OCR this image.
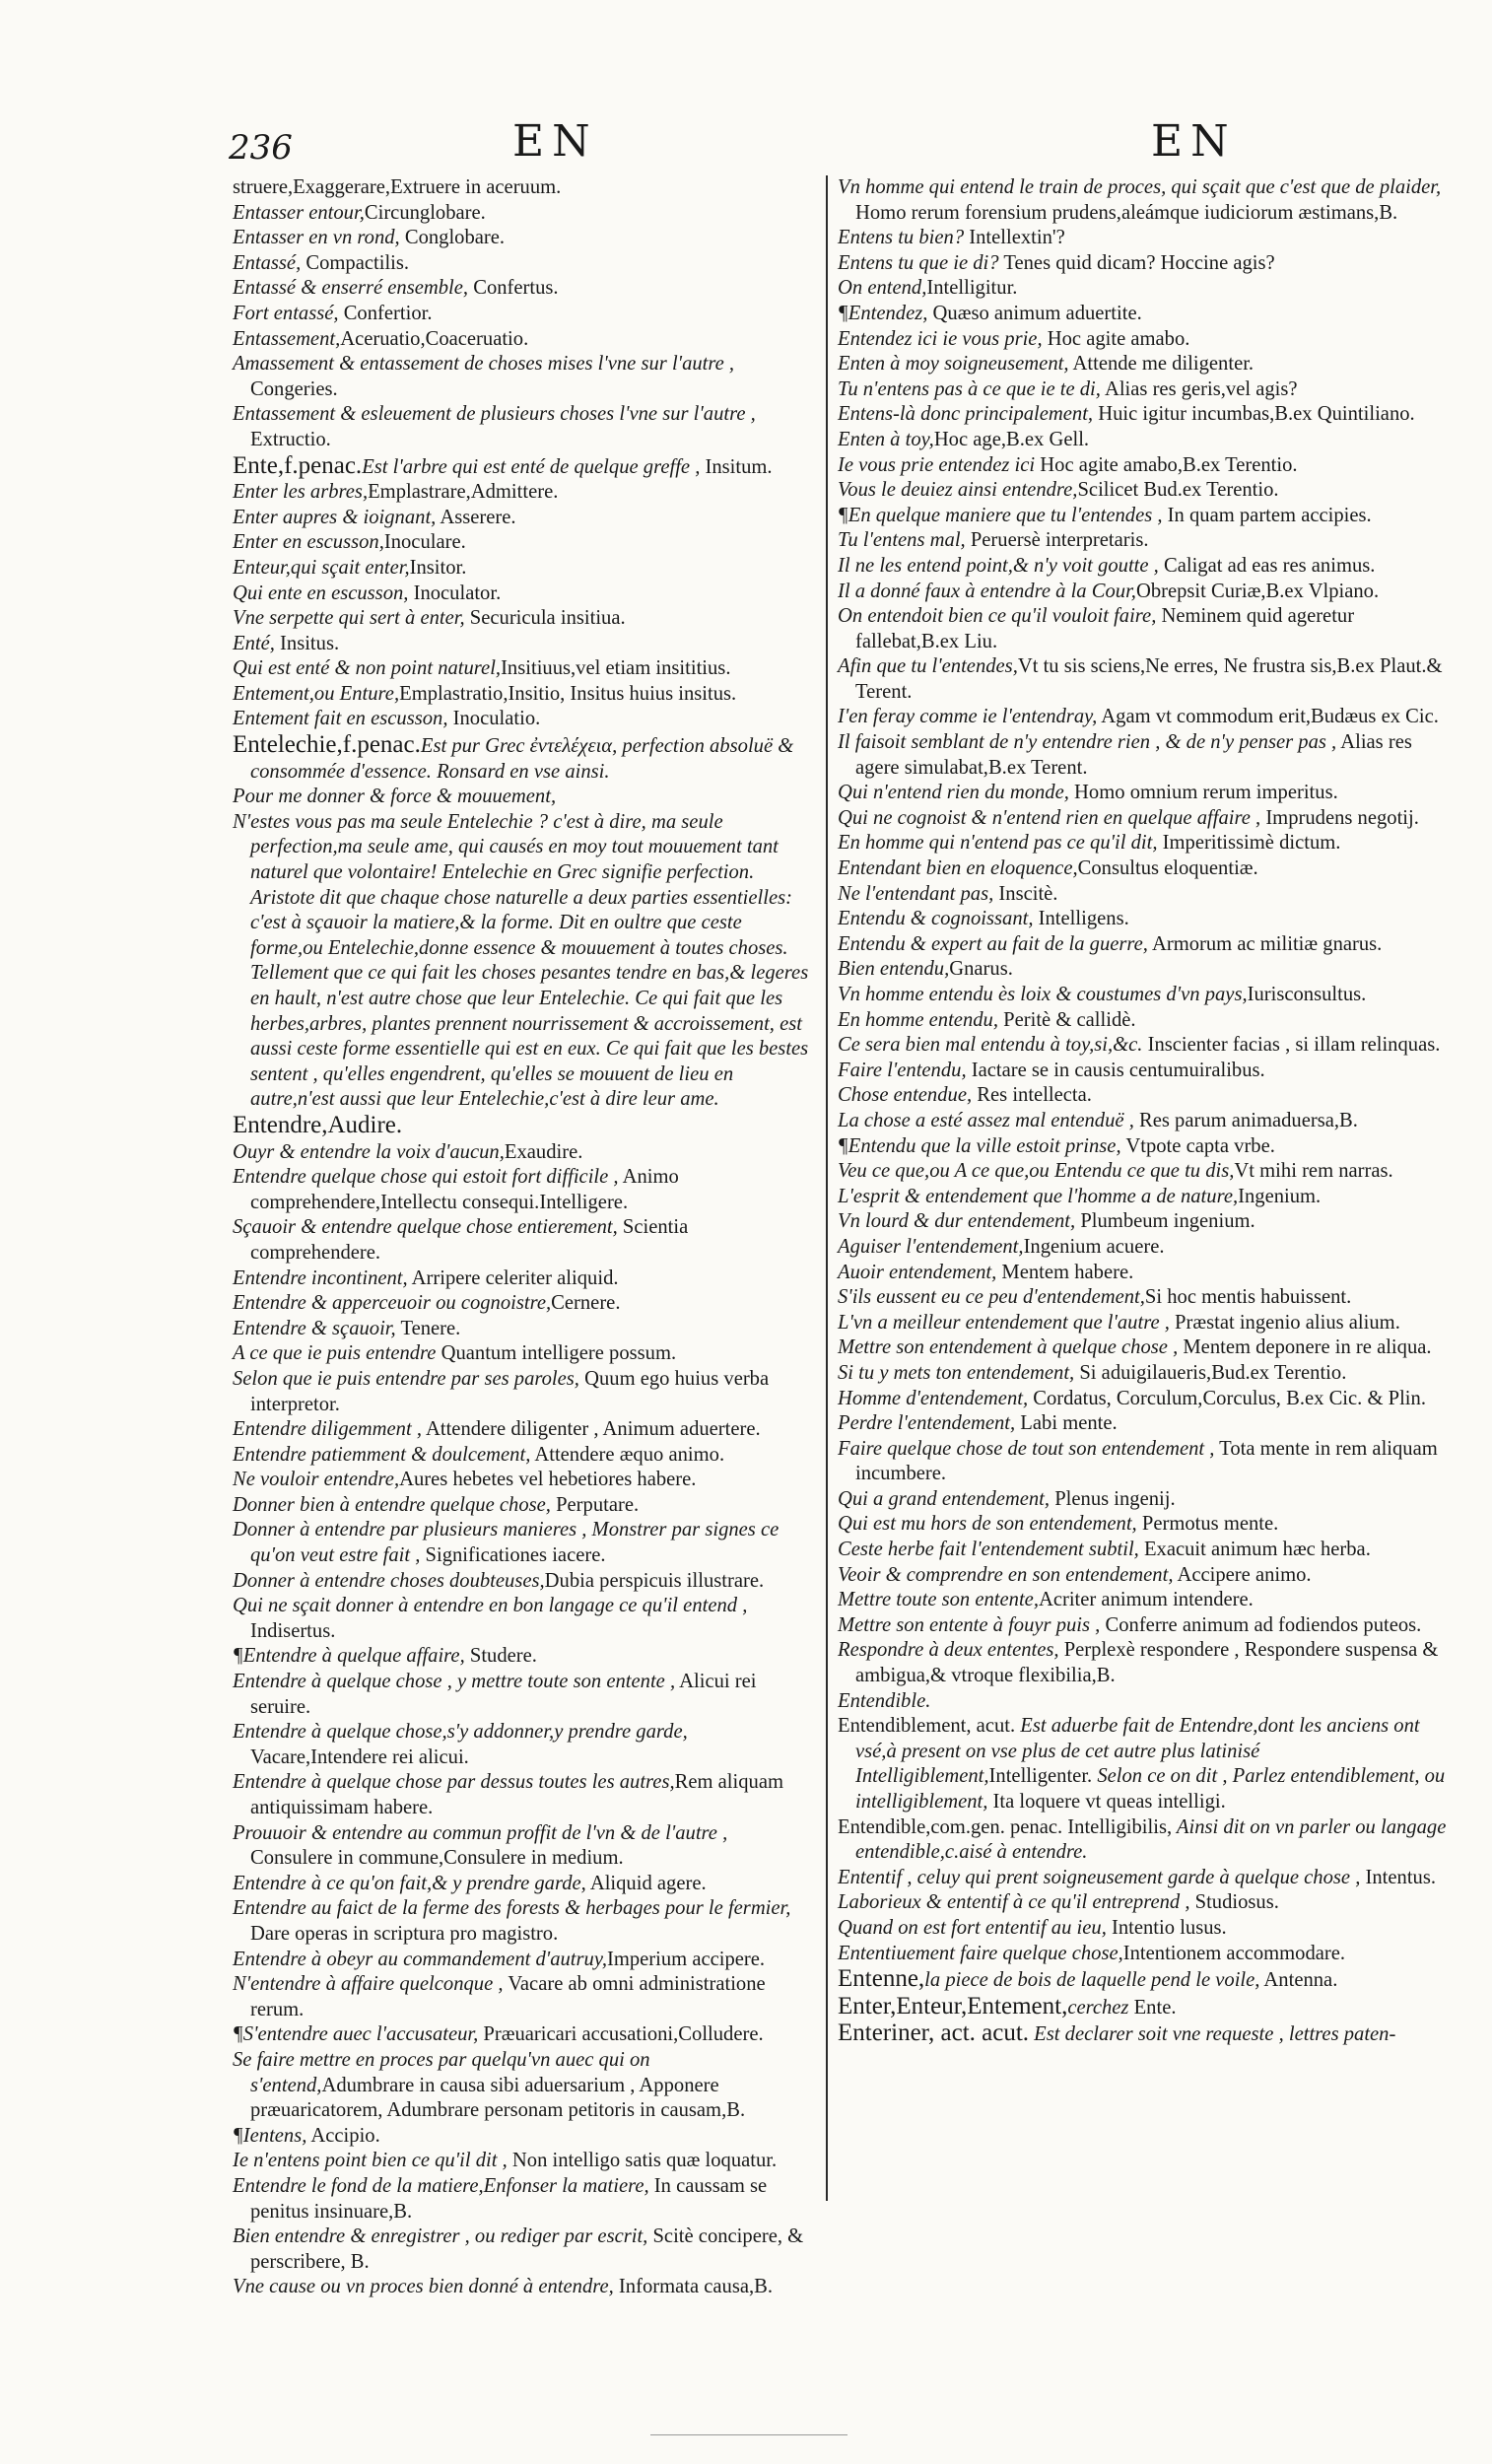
236	EN	EN

struere,Exaggerare,Extruere in aceruum.

Entasser entour,Circunglobare.

Entasser en vn rond, Conglobare.

Entassé, Compactilis.

Entassé & enserré ensemble, Confertus.

Fort entassé, Confertior.

Entassement,Aceruatio,Coaceruatio.

Amassement & entassement de choses mises l'vne sur l'autre , Congeries.

Entassement & esleuement de plusieurs choses l'vne sur l'autre , Extructio.

Ente,f.penac.Est l'arbre qui est enté de quelque greffe , Insitum.

Enter les arbres,Emplastrare,Admittere.

Enter aupres & ioignant, Asserere.

Enter en escusson,Inoculare.

Enteur,qui sçait enter,Insitor.

Qui ente en escusson, Inoculator.

Vne serpette qui sert à enter, Securicula insitiua.

Enté, Insitus.

Qui est enté & non point naturel,Insitiuus,vel etiam insititius.

Entement,ou Enture,Emplastratio,Insitio, Insitus huius insitus.

Entement fait en escusson, Inoculatio.

Entelechie,f.penac.Est pur Grec ἐντελέχεια, perfection absoluë & consommée d'essence. Ronsard en vse ainsi.

Pour me donner & force & mouuement,

N'estes vous pas ma seule Entelechie ? c'est à dire, ma seule perfection,ma seule ame, qui causés en moy tout mouuement tant naturel que volontaire! Entelechie en Grec signifie perfection. Aristote dit que chaque chose naturelle a deux parties essentielles: c'est à sçauoir la matiere,& la forme. Dit en oultre que ceste forme,ou Entelechie,donne essence & mouuement à toutes choses. Tellement que ce qui fait les choses pesantes tendre en bas,& legeres en hault, n'est autre chose que leur Entelechie. Ce qui fait que les herbes,arbres, plantes prennent nourrissement & accroissement, est aussi ceste forme essentielle qui est en eux. Ce qui fait que les bestes sentent , qu'elles engendrent, qu'elles se mouuent de lieu en autre,n'est aussi que leur Entelechie,c'est à dire leur ame.

Entendre,Audire.

Ouyr & entendre la voix d'aucun,Exaudire.

Entendre quelque chose qui estoit fort difficile , Animo comprehendere,Intellectu consequi.Intelligere.

Sçauoir & entendre quelque chose entierement, Scientia comprehendere.

Entendre incontinent, Arripere celeriter aliquid.

Entendre & apperceuoir ou cognoistre,Cernere.

Entendre & sçauoir, Tenere.

A ce que ie puis entendre Quantum intelligere possum.

Selon que ie puis entendre par ses paroles, Quum ego huius verba interpretor.

Entendre diligemment , Attendere diligenter , Animum aduertere.

Entendre patiemment & doulcement, Attendere æquo animo.

Ne vouloir entendre,Aures hebetes vel hebetiores habere.

Donner bien à entendre quelque chose, Perputare.

Donner à entendre par plusieurs manieres , Monstrer par signes ce qu'on veut estre fait , Significationes iacere.

Donner à entendre choses doubteuses,Dubia perspicuis illustrare.

Qui ne sçait donner à entendre en bon langage ce qu'il entend , Indisertus.

¶Entendre à quelque affaire, Studere.

Entendre à quelque chose , y mettre toute son entente , Alicui rei seruire.

Entendre à quelque chose,s'y addonner,y prendre garde, Vacare,Intendere rei alicui.

Entendre à quelque chose par dessus toutes les autres,Rem aliquam antiquissimam habere.

Prouuoir & entendre au commun proffit de l'vn & de l'autre , Consulere in commune,Consulere in medium.

Entendre à ce qu'on fait,& y prendre garde, Aliquid agere.

Entendre au faict de la ferme des forests & herbages pour le fermier, Dare operas in scriptura pro magistro.

Entendre à obeyr au commandement d'autruy,Imperium accipere.

N'entendre à affaire quelconque , Vacare ab omni administratione rerum.

¶S'entendre auec l'accusateur, Præuaricari accusationi,Colludere.

Se faire mettre en proces par quelqu'vn auec qui on s'entend,Adumbrare in causa sibi aduersarium , Apponere præuaricatorem, Adumbrare personam petitoris in causam,B.

¶Ientens, Accipio.

Ie n'entens point bien ce qu'il dit , Non intelligo satis quæ loquatur.

Entendre le fond de la matiere,Enfonser la matiere, In caussam se penitus insinuare,B.

Bien entendre & enregistrer , ou rediger par escrit, Scitè concipere, & perscribere, B.

Vne cause ou vn proces bien donné à entendre, Informata causa,B.

Vn homme qui entend le train de proces, qui sçait que c'est que de plaider, Homo rerum forensium prudens,aleámque iudiciorum æstimans,B.

Entens tu bien? Intellextin'?

Entens tu que ie di? Tenes quid dicam? Hoccine agis?

On entend,Intelligitur.

¶Entendez, Quæso animum aduertite.

Entendez ici ie vous prie, Hoc agite amabo.

Enten à moy soigneusement, Attende me diligenter.

Tu n'entens pas à ce que ie te di, Alias res geris,vel agis?

Entens-là donc principalement, Huic igitur incumbas,B.ex Quintiliano.

Enten à toy,Hoc age,B.ex Gell.

Ie vous prie entendez ici Hoc agite amabo,B.ex Terentio.

Vous le deuiez ainsi entendre,Scilicet Bud.ex Terentio.

¶En quelque maniere que tu l'entendes , In quam partem accipies.

Tu l'entens mal, Peruersè interpretaris.

Il ne les entend point,& n'y voit goutte , Caligat ad eas res animus.

Il a donné faux à entendre à la Cour,Obrepsit Curiæ,B.ex Vlpiano.

On entendoit bien ce qu'il vouloit faire, Neminem quid ageretur fallebat,B.ex Liu.

Afin que tu l'entendes,Vt tu sis sciens,Ne erres, Ne frustra sis,B.ex Plaut.& Terent.

I'en feray comme ie l'entendray, Agam vt commodum erit,Budæus ex Cic.

Il faisoit semblant de n'y entendre rien , & de n'y penser pas , Alias res agere simulabat,B.ex Terent.

Qui n'entend rien du monde, Homo omnium rerum imperitus.

Qui ne cognoist & n'entend rien en quelque affaire , Imprudens negotij.

En homme qui n'entend pas ce qu'il dit, Imperitissimè dictum.

Entendant bien en eloquence,Consultus eloquentiæ.

Ne l'entendant pas, Inscitè.

Entendu & cognoissant, Intelligens.

Entendu & expert au fait de la guerre, Armorum ac militiæ gnarus.

Bien entendu,Gnarus.

Vn homme entendu ès loix & coustumes d'vn pays,Iurisconsultus.

En homme entendu, Peritè & callidè.

Ce sera bien mal entendu à toy,si,&c. Inscienter facias , si illam relinquas.

Faire l'entendu, Iactare se in causis centumuiralibus.

Chose entendue, Res intellecta.

La chose a esté assez mal entenduë , Res parum animaduersa,B.

¶Entendu que la ville estoit prinse, Vtpote capta vrbe.

Veu ce que,ou A ce que,ou Entendu ce que tu dis,Vt mihi rem narras.

L'esprit & entendement que l'homme a de nature,Ingenium.

Vn lourd & dur entendement, Plumbeum ingenium.

Aguiser l'entendement,Ingenium acuere.

Auoir entendement, Mentem habere.

S'ils eussent eu ce peu d'entendement,Si hoc mentis habuissent.

L'vn a meilleur entendement que l'autre , Præstat ingenio alius alium.

Mettre son entendement à quelque chose , Mentem deponere in re aliqua.

Si tu y mets ton entendement, Si aduigilaueris,Bud.ex Terentio.

Homme d'entendement, Cordatus, Corculum,Corculus, B.ex Cic. & Plin.

Perdre l'entendement, Labi mente.

Faire quelque chose de tout son entendement , Tota mente in rem aliquam incumbere.

Qui a grand entendement, Plenus ingenij.

Qui est mu hors de son entendement, Permotus mente.

Ceste herbe fait l'entendement subtil, Exacuit animum hæc herba.

Veoir & comprendre en son entendement, Accipere animo.

Mettre toute son entente,Acriter animum intendere.

Mettre son entente à fouyr puis , Conferre animum ad fodiendos puteos.

Respondre à deux ententes, Perplexè respondere , Respondere suspensa & ambigua,& vtroque flexibilia,B.

Entendible.

Entendiblement, acut. Est aduerbe fait de Entendre,dont les anciens ont vsé,à present on vse plus de cet autre plus latinisé Intelligiblement,Intelligenter. Selon ce on dit , Parlez entendiblement, ou intelligiblement, Ita loquere vt queas intelligi.

Entendible,com.gen. penac. Intelligibilis, Ainsi dit on vn parler ou langage entendible,c.aisé à entendre.

Ententif , celuy qui prent soigneusement garde à quelque chose , Intentus.

Laborieux & ententif à ce qu'il entreprend , Studiosus.

Quand on est fort ententif au ieu, Intentio lusus.

Ententiuement faire quelque chose,Intentionem accommodare.

Entenne,la piece de bois de laquelle pend le voile, Antenna.

Enter,Enteur,Entement,cerchez Ente.

Enteriner, act. acut. Est declarer soit vne requeste , lettres paten-
